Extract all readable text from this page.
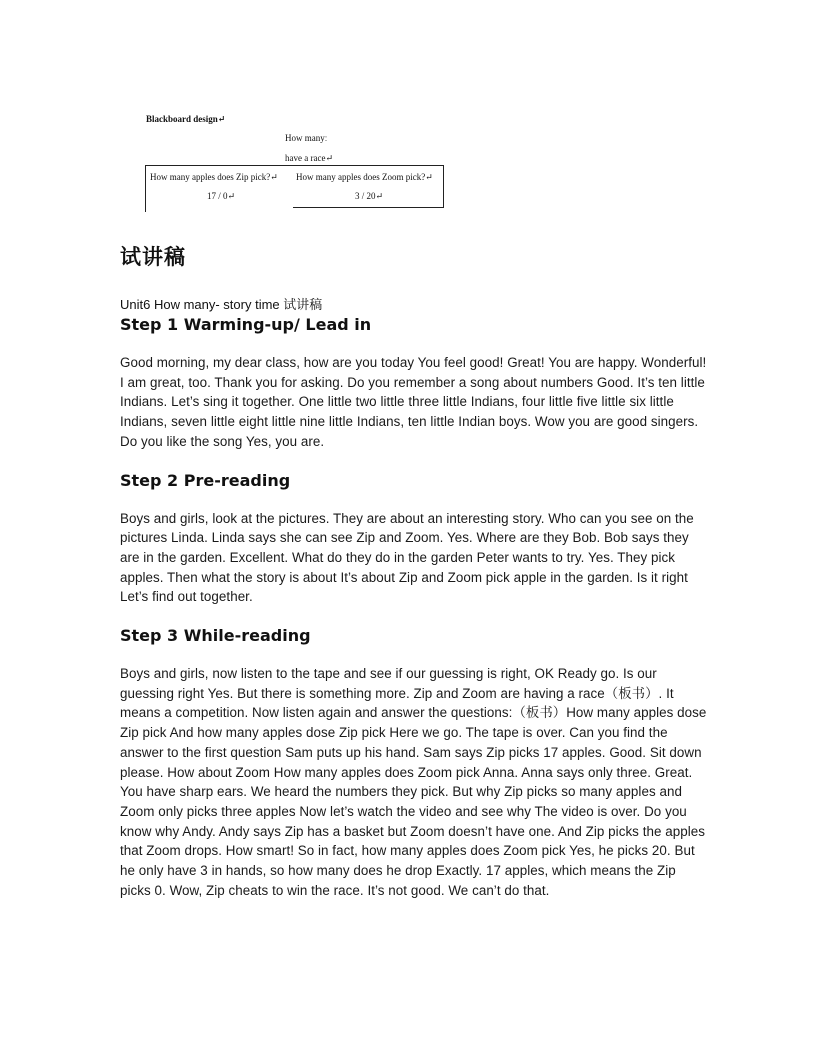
Blackboard design↵
How manyː
have a race↵
How many apples does Zip pick?↵ How many apples does Zoom pick?↵
17 / 0↵	3 / 20↵
试讲稿
Unit6 How many- story time 试讲稿
Step 1 Warming-up/ Lead in

Good morning, my dear class, how are you today You feel good! Great! You are happy. Wonderful! I am great, too. Thank you for asking. Do you remember a song about numbers Good. It’s ten little Indians. Let’s sing it together. One little two little three little Indians, four little five little six little Indians, seven little eight little nine little Indians, ten little Indian boys. Wow you are good singers. Do you like the song Yes, you are.

Step 2 Pre-reading

Boys and girls, look at the pictures. They are about an interesting story. Who can you see on the pictures Linda. Linda says she can see Zip and Zoom. Yes. Where are they Bob. Bob says they are in the garden. Excellent. What do they do in the garden Peter wants to try. Yes. They pick apples. Then what the story is about It’s about Zip and Zoom pick apple in the garden. Is it right Let’s find out together.

Step 3 While-reading

Boys and girls, now listen to the tape and see if our guessing is right, OK Ready go. Is our guessing right Yes. But there is something more. Zip and Zoom are having a race（板书）. It means a competition. Now listen again and answer the questions:（板书）How many apples dose Zip pick And how many apples dose Zip pick Here we go. The tape is over. Can you find the answer to the first question Sam puts up his hand. Sam says Zip picks 17 apples. Good. Sit down please. How about Zoom How many apples does Zoom pick Anna. Anna says only three. Great. You have sharp ears. We heard the numbers they pick. But why Zip picks so many apples and Zoom only picks three apples Now let’s watch the video and see why The video is over. Do you know why Andy. Andy says Zip has a basket but Zoom doesn’t have one. And Zip picks the apples that Zoom drops. How smart! So in fact, how many apples does Zoom pick Yes, he picks 20. But he only have 3 in hands, so how many does he drop Exactly. 17 apples, which means the Zip picks 0. Wow, Zip cheats to win the race. It’s not good. We can’t do that.
